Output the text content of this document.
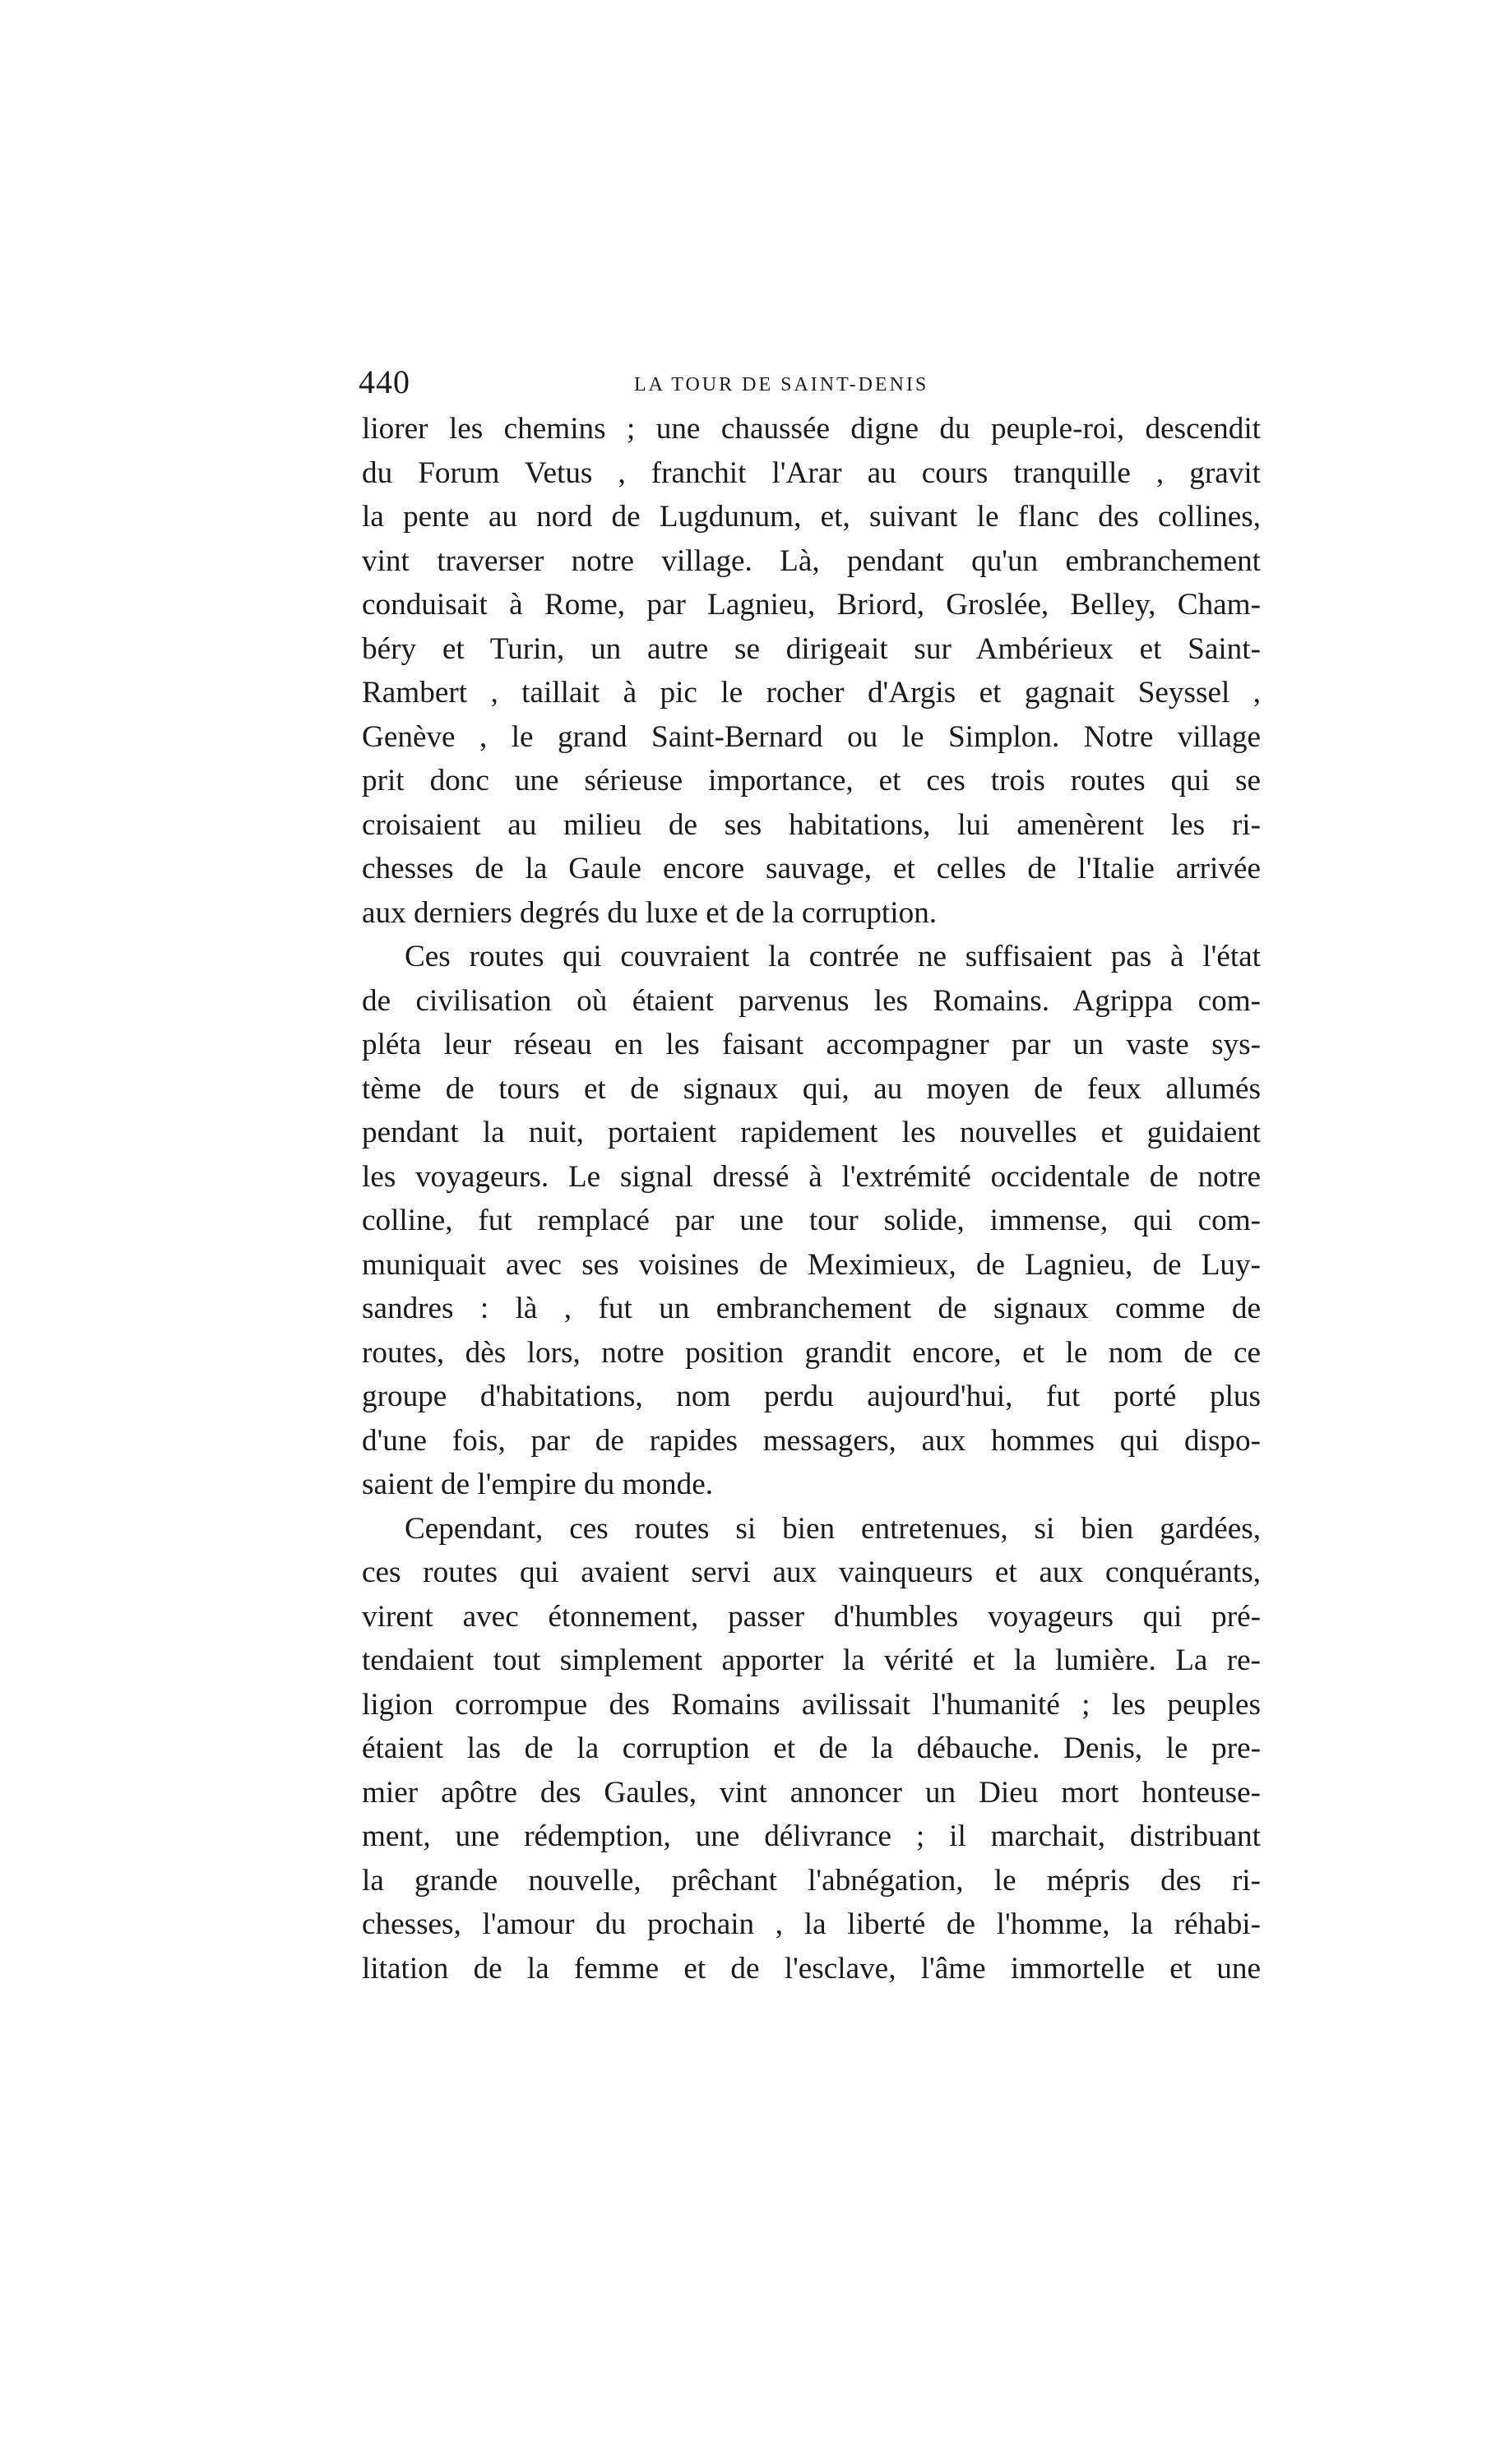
440	LA TOUR DE SAINT-DENIS
liorer les chemins ; une chaussée digne du peuple-roi, descendit
du Forum Vetus , franchit l'Arar au cours tranquille , gravit
la pente au nord de Lugdunum, et, suivant le flanc des collines,
vint traverser notre village. Là, pendant qu'un embranchement
conduisait à Rome, par Lagnieu, Briord, Groslée, Belley, Cham-
béry et Turin, un autre se dirigeait sur Ambérieux et Saint-
Rambert , taillait à pic le rocher d'Argis et gagnait Seyssel ,
Genève , le grand Saint-Bernard ou le Simplon. Notre village
prit donc une sérieuse importance, et ces trois routes qui se
croisaient au milieu de ses habitations, lui amenèrent les ri-
chesses de la Gaule encore sauvage, et celles de l'Italie arrivée
aux derniers degrés du luxe et de la corruption.
Ces routes qui couvraient la contrée ne suffisaient pas à l'état
de civilisation où étaient parvenus les Romains. Agrippa com-
pléta leur réseau en les faisant accompagner par un vaste sys-
tème de tours et de signaux qui, au moyen de feux allumés
pendant la nuit, portaient rapidement les nouvelles et guidaient
les voyageurs. Le signal dressé à l'extrémité occidentale de notre
colline, fut remplacé par une tour solide, immense, qui com-
muniquait avec ses voisines de Meximieux, de Lagnieu, de Luy-
sandres : là , fut un embranchement de signaux comme de
routes, dès lors, notre position grandit encore, et le nom de ce
groupe d'habitations, nom perdu aujourd'hui, fut porté plus
d'une fois, par de rapides messagers, aux hommes qui dispo-
saient de l'empire du monde.
Cependant, ces routes si bien entretenues, si bien gardées,
ces routes qui avaient servi aux vainqueurs et aux conquérants,
virent avec étonnement, passer d'humbles voyageurs qui pré-
tendaient tout simplement apporter la vérité et la lumière. La re-
ligion corrompue des Romains avilissait l'humanité ; les peuples
étaient las de la corruption et de la débauche. Denis, le pre-
mier apôtre des Gaules, vint annoncer un Dieu mort honteuse-
ment, une rédemption, une délivrance ; il marchait, distribuant
la grande nouvelle, prêchant l'abnégation, le mépris des ri-
chesses, l'amour du prochain , la liberté de l'homme, la réhabi-
litation de la femme et de l'esclave, l'âme immortelle et une
